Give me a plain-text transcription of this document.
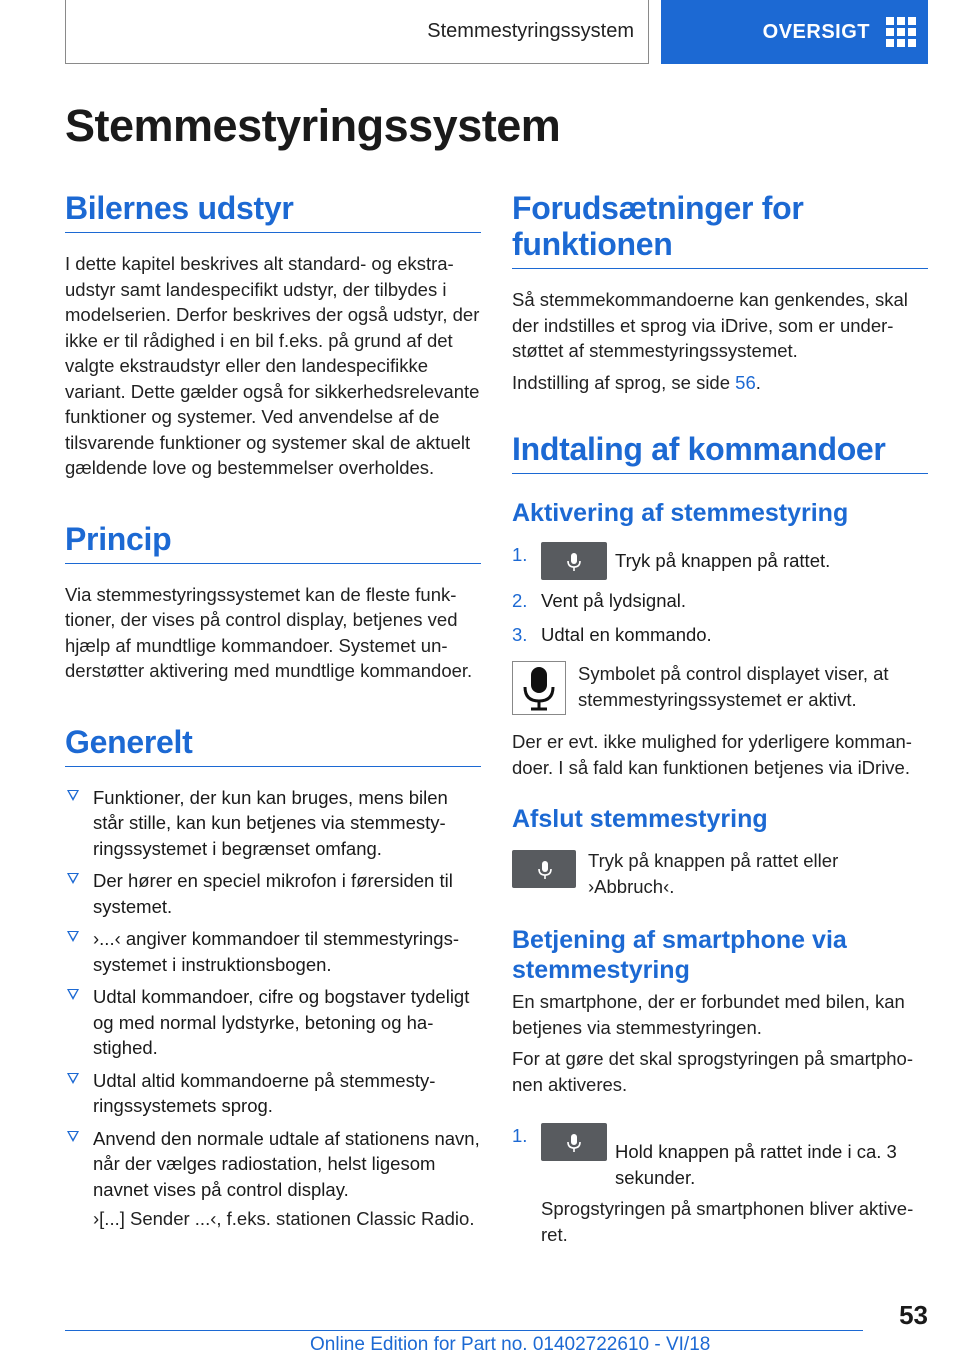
Stemmestyringssystem	OVERSIGT
Stemmestyringssystem
Bilernes udstyr

I dette kapitel beskrives alt standard- og ekstraudstyr samt landespecifikt udstyr, der tilbydes i modelserien. Derfor beskrives der også udstyr, der ikke er til rådighed i en bil f.eks. på grund af det valgte ekstraudstyr eller den landespecifikke variant. Dette gælder også for sikkerhedsrelevante funktioner og systemer. Ved anvendelse af de tilsvarende funktioner og systemer skal de aktuelt gældende love og bestemmelser overholdes.

Princip

Via stemmestyringssystemet kan de fleste funktioner, der vises på control display, betjenes ved hjælp af mundtlige kommandoer. Systemet understøtter aktivering med mundtlige kommandoer.

Generelt
Funktioner, der kun kan bruges, mens bilen står stille, kan kun betjenes via stemmestyringssystemet i begrænset omfang.
Der hører en speciel mikrofon i førersiden til systemet.
›...‹ angiver kommandoer til stemmestyringssystemet i instruktionsbogen.
Udtal kommandoer, cifre og bogstaver tydeligt og med normal lydstyrke, betoning og hastighed.
Udtal altid kommandoerne på stemmestyringssystemets sprog.
Anvend den normale udtale af stationens navn, når der vælges radiostation, helst ligesom navnet vises på control display.

›[...] Sender ...‹, f.eks. stationen Classic Radio.

Forudsætninger for funktionen

Så stemmekommandoerne kan genkendes, skal der indstilles et sprog via iDrive, som er understøttet af stemmestyringssystemet.

Indstilling af sprog, se side 56.

Indtaling af kommandoer
Aktivering af stemmestyring
1.	Tryk på knappen på rattet.
2. Vent på lydsignal.
3. Udtal en kommando.

Symbolet på control displayet viser, at stemmestyringssystemet er aktivt.

Der er evt. ikke mulighed for yderligere kommandoer. I så fald kan funktionen betjenes via iDrive.

Afslut stemmestyring

Tryk på knappen på rattet eller ›Abbruch‹.

Betjening af smartphone via stemmestyring

En smartphone, der er forbundet med bilen, kan betjenes via stemmestyringen.

For at gøre det skal sprogstyringen på smartphonen aktiveres.

1.
Hold knappen på rattet inde i ca. 3 sekunder.

Sprogstyringen på smartphonen bliver aktiveret.

53
Online Edition for Part no. 01402722610 - VI/18
